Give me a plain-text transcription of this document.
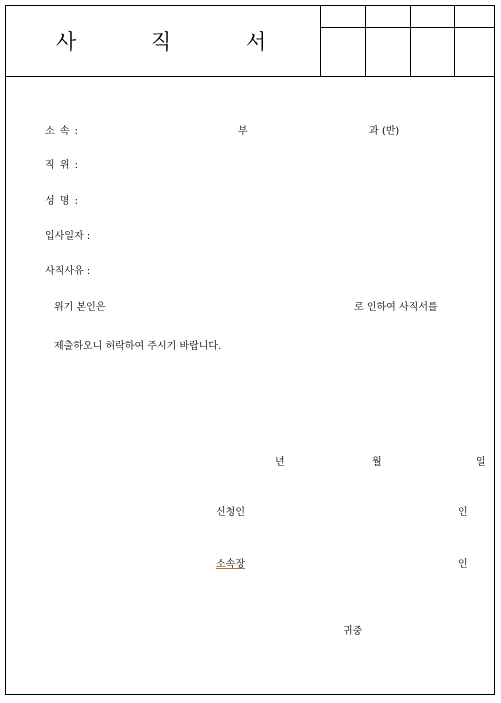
사 직 서
소 속 :	부	과 (반)
직 위 :
성 명 :
입사일자 :
사직사유 :
위기 본인은	로 인하여 사직서를
제출하오니 허락하여 주시기 바랍니다.
년	월	일
신청인	인
소속장	인
귀중
